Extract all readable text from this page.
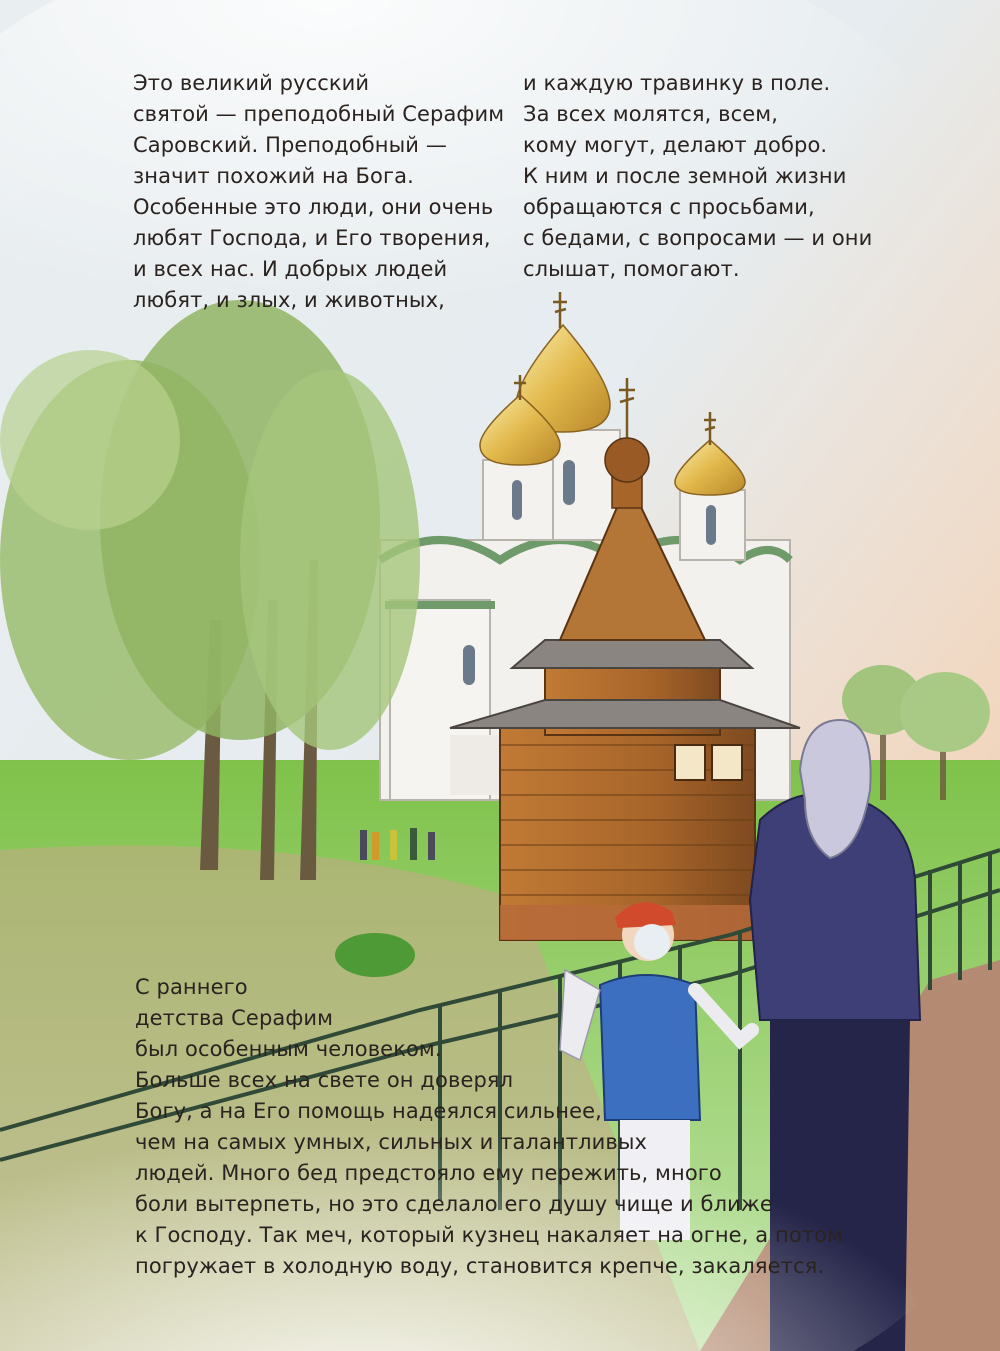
Это великий русский
святой — преподобный Серафим
Саровский. Преподобный —
значит похожий на Бога.
Особенные это люди, они очень
любят Господа, и Его творения,
и всех нас. И добрых людей
любят, и злых, и животных,
и каждую травинку в поле.
За всех молятся, всем,
кому могут, делают добро.
К ним и после земной жизни
обращаются с просьбами,
с бедами, с вопросами — и они
слышат, помогают.
С раннего
детства Серафим
был особенным человеком.
Больше всех на свете он доверял
Богу, а на Его помощь надеялся сильнее,
чем на самых умных, сильных и талантливых
людей. Много бед предстояло ему пережить, много
боли вытерпеть, но это сделало его душу чище и ближе
к Господу. Так меч, который кузнец накаляет на огне, а потом
погружает в холодную воду, становится крепче, закаляется.
